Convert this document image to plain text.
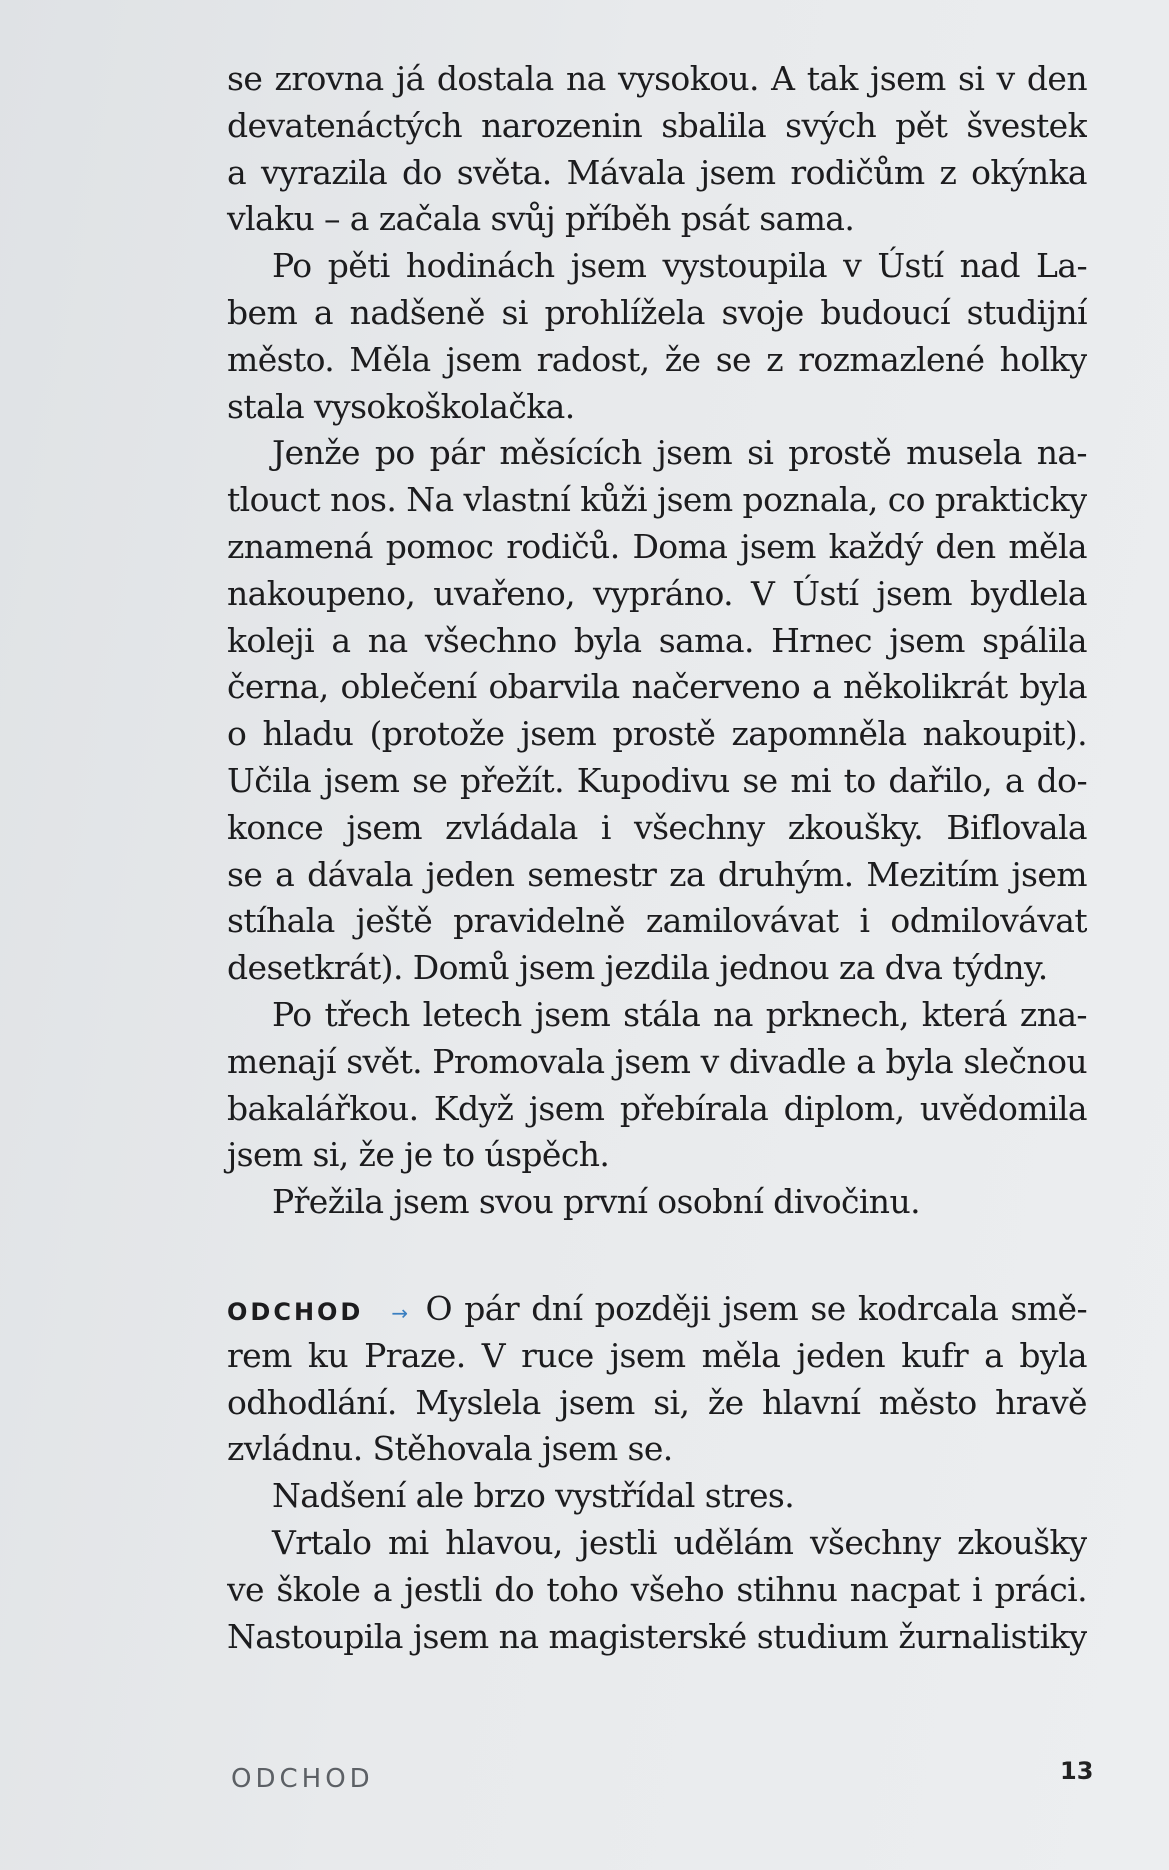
se zrovna já dostala na vysokou. A tak jsem si v den
devatenáctých narozenin sbalila svých pět švestek
a vyrazila do světa. Mávala jsem rodičům z okýnka
vlaku – a začala svůj příběh psát sama.
Po pěti hodinách jsem vystoupila v Ústí nad La-
bem a nadšeně si prohlížela svoje budoucí studijní
město. Měla jsem radost, že se z rozmazlené holky
stala vysokoškolačka.
Jenže po pár měsících jsem si prostě musela na-
tlouct nos. Na vlastní kůži jsem poznala, co prakticky
znamená pomoc rodičů. Doma jsem každý den měla
nakoupeno, uvařeno, vypráno. V Ústí jsem bydlela
koleji a na všechno byla sama. Hrnec jsem spálila
černa, oblečení obarvila načerveno a několikrát byla
o hladu (protože jsem prostě zapomněla nakoupit).
Učila jsem se přežít. Kupodivu se mi to dařilo, a do-
konce jsem zvládala i všechny zkoušky. Biflovala
se a dávala jeden semestr za druhým. Mezitím jsem
stíhala ještě pravidelně zamilovávat i odmilovávat
desetkrát). Domů jsem jezdila jednou za dva týdny.
Po třech letech jsem stála na prknech, která zna-
menají svět. Promovala jsem v divadle a byla slečnou
bakalářkou. Když jsem přebírala diplom, uvědomila
jsem si, že je to úspěch.
Přežila jsem svou první osobní divočinu.
ODCHOD → O pár dní později jsem se kodrcala smě-
rem ku Praze. V ruce jsem měla jeden kufr a byla
odhodlání. Myslela jsem si, že hlavní město hravě
zvládnu. Stěhovala jsem se.
Nadšení ale brzo vystřídal stres.
Vrtalo mi hlavou, jestli udělám všechny zkoušky
ve škole a jestli do toho všeho stihnu nacpat i práci.
Nastoupila jsem na magisterské studium žurnalistiky
ODCHOD	13
